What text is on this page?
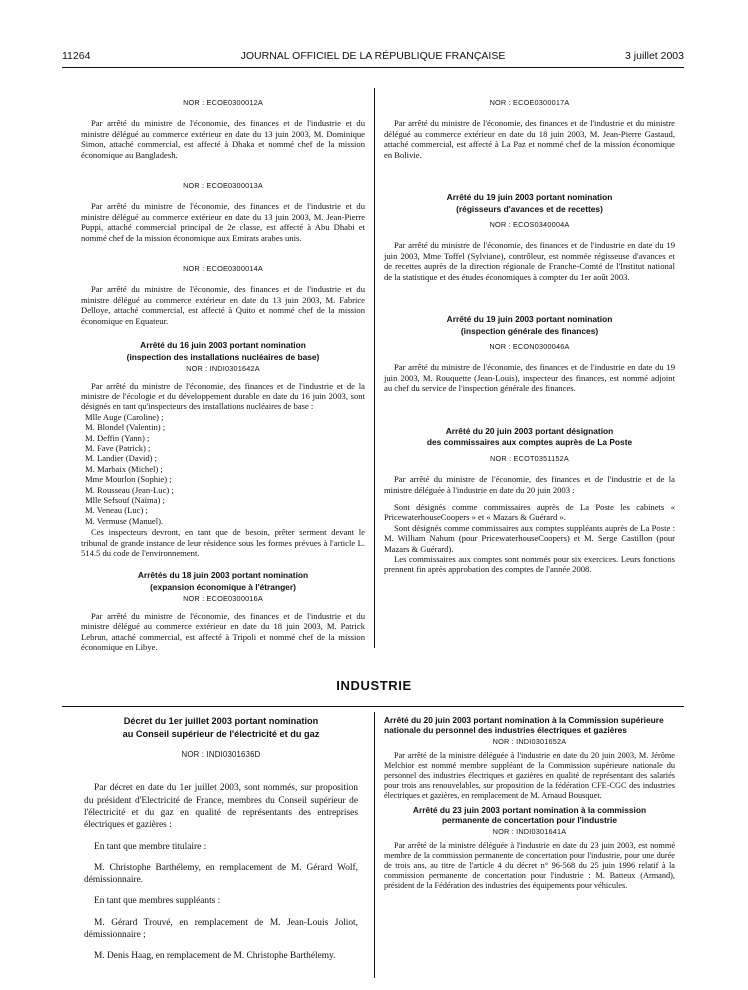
11264	JOURNAL OFFICIEL DE LA RÉPUBLIQUE FRANÇAISE	3 juillet 2003
NOR : ECOE0300012A

Par arrêté du ministre de l'économie, des finances et de l'industrie et du ministre délégué au commerce extérieur en date du 13 juin 2003, M. Dominique Simon, attaché commercial, est affecté à Dhaka et nommé chef de la mission économique au Bangladesh.

NOR : ECOE0300013A

Par arrêté du ministre de l'économie, des finances et de l'industrie et du ministre délégué au commerce extérieur en date du 13 juin 2003, M. Jean-Pierre Puppi, attaché commercial principal de 2e classe, est affecté à Abu Dhabi et nommé chef de la mission économique aux Emirats arabes unis.

NOR : ECOE0300014A

Par arrêté du ministre de l'économie, des finances et de l'industrie et du ministre délégué au commerce extérieur en date du 13 juin 2003, M. Fabrice Delloye, attaché commercial, est affecté à Quito et nommé chef de la mission économique en Equateur.

Arrêté du 16 juin 2003 portant nomination
(inspection des installations nucléaires de base)
NOR : INDI0301642A

Par arrêté du ministre de l'économie, des finances et de l'industrie et de la ministre de l'écologie et du développement durable en date du 16 juin 2003, sont désignés en tant qu'inspecteurs des installations nucléaires de base :

Mlle Auge (Caroline) ;
M. Blondel (Valentin) ;
M. Deffin (Yann) ;
M. Fave (Patrick) ;
M. Landier (David) ;
M. Marbaix (Michel) ;
Mme Mourlon (Sophie) ;
M. Rousseau (Jean-Luc) ;
Mlle Sefsouf (Naïma) ;
M. Veneau (Luc) ;
M. Vermuse (Manuel).

Ces inspecteurs devront, en tant que de besoin, prêter serment devant le tribunal de grande instance de leur résidence sous les formes prévues à l'article L. 514.5 du code de l'environnement.

Arrêtés du 18 juin 2003 portant nomination
(expansion économique à l'étranger)
NOR : ECOE0300016A

Par arrêté du ministre de l'économie, des finances et de l'industrie et du ministre délégué au commerce extérieur en date du 18 juin 2003, M. Patrick Lebrun, attaché commercial, est affecté à Tripoli et nommé chef de la mission économique en Libye.

NOR : ECOE0300017A

Par arrêté du ministre de l'économie, des finances et de l'industrie et du ministre délégué au commerce extérieur en date du 18 juin 2003, M. Jean-Pierre Gastaud, attaché commercial, est affecté à La Paz et nommé chef de la mission économique en Bolivie.

Arrêté du 19 juin 2003 portant nomination
(régisseurs d'avances et de recettes)
NOR : ECOS0340004A

Par arrêté du ministre de l'économie, des finances et de l'industrie en date du 19 juin 2003, Mme Toffel (Sylviane), contrôleur, est nommée régisseuse d'avances et de recettes auprès de la direction régionale de Franche-Comté de l'Institut national de la statistique et des études économiques à compter du 1er août 2003.

Arrêté du 19 juin 2003 portant nomination
(inspection générale des finances)
NOR : ECON0300046A

Par arrêté du ministre de l'économie, des finances et de l'industrie en date du 19 juin 2003, M. Rouquette (Jean-Louis), inspecteur des finances, est nommé adjoint au chef du service de l'inspection générale des finances.

Arrêté du 20 juin 2003 portant désignation
des commissaires aux comptes auprès de La Poste
NOR : ECOT0351152A

Par arrêté du ministre de l'économie, des finances et de l'industrie et de la ministre déléguée à l'industrie en date du 20 juin 2003 :

Sont désignés comme commissaires auprès de La Poste les cabinets « PricewaterhouseCoopers » et « Mazars & Guérard ».

Sont désignés comme commissaires aux comptes suppléants auprès de La Poste : M. William Nahum (pour PricewaterhouseCoopers) et M. Serge Castillon (pour Mazars & Guérard).

Les commissaires aux comptes sont nommés pour six exercices. Leurs fonctions prennent fin après approbation des comptes de l'année 2008.

INDUSTRIE
Décret du 1er juillet 2003 portant nomination
au Conseil supérieur de l'électricité et du gaz
NOR : INDI0301636D

Par décret en date du 1er juillet 2003, sont nommés, sur proposition du président d'Electricité de France, membres du Conseil supérieur de l'électricité et du gaz en qualité de représentants des entreprises électriques et gazières :

En tant que membre titulaire :

M. Christophe Barthélemy, en remplacement de M. Gérard Wolf, démissionnaire.

En tant que membres suppléants :

M. Gérard Trouvé, en remplacement de M. Jean-Louis Joliot, démissionnaire ;

M. Denis Haag, en remplacement de M. Christophe Barthélemy.

Arrêté du 20 juin 2003 portant nomination à la Commission supérieure nationale du personnel des industries électriques et gazières
NOR : INDI0301652A

Par arrêté de la ministre déléguée à l'industrie en date du 20 juin 2003, M. Jérôme Melchior est nommé membre suppléant de la Commission supérieure nationale du personnel des industries électriques et gazières en qualité de représentant des salariés pour trois ans renouvelables, sur proposition de la fédération CFE-CGC des industries électriques et gazières, en remplacement de M. Arnaud Bousquet.

Arrêté du 23 juin 2003 portant nomination à la commission permanente de concertation pour l'industrie
NOR : INDI0301641A

Par arrêté de la ministre déléguée à l'industrie en date du 23 juin 2003, est nommé membre de la commission permanente de concertation pour l'industrie, pour une durée de trois ans, au titre de l'article 4 du décret n° 96-568 du 25 juin 1996 relatif à la commission permanente de concertation pour l'industrie : M. Batteux (Armand), président de la Fédération des industries des équipements pour véhicules.
